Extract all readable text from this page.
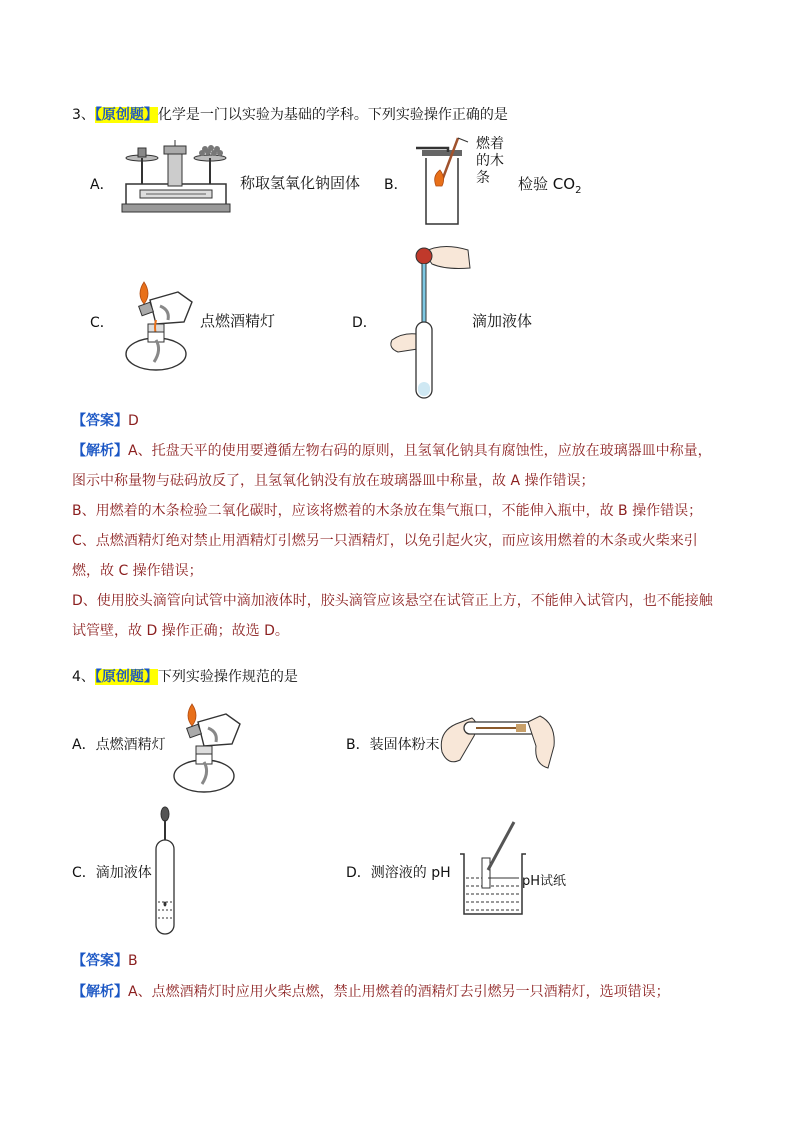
3、【原创题】化学是一门以实验为基础的学科。下列实验操作正确的是
A．	称取氢氧化钠固体 B．
燃着
的木
条	检验 $CO_2$
C．	点燃酒精灯	D．	滴加液体
【答案】D
【解析】A、托盘天平的使用要遵循左物右码的原则，且氢氧化钠具有腐蚀性，应放在玻璃器皿中称量，
图示中称量物与砝码放反了，且氢氧化钠没有放在玻璃器皿中称量，故 A 操作错误；
B、用燃着的木条检验二氧化碳时，应该将燃着的木条放在集气瓶口，不能伸入瓶中，故 B 操作错误；
C、点燃酒精灯绝对禁止用酒精灯引燃另一只酒精灯，以免引起火灾，而应该用燃着的木条或火柴来引
燃，故 C 操作错误；
D、使用胶头滴管向试管中滴加液体时，胶头滴管应该悬空在试管正上方，不能伸入试管内，也不能接触
试管壁，故 D 操作正确；故选 D。
4、【原创题】下列实验操作规范的是
A．点燃酒精灯	B．装固体粉末
C．滴加液体	D．测溶液的 pH
pH试纸
【答案】B
【解析】A、点燃酒精灯时应用火柴点燃，禁止用燃着的酒精灯去引燃另一只酒精灯，选项错误；
